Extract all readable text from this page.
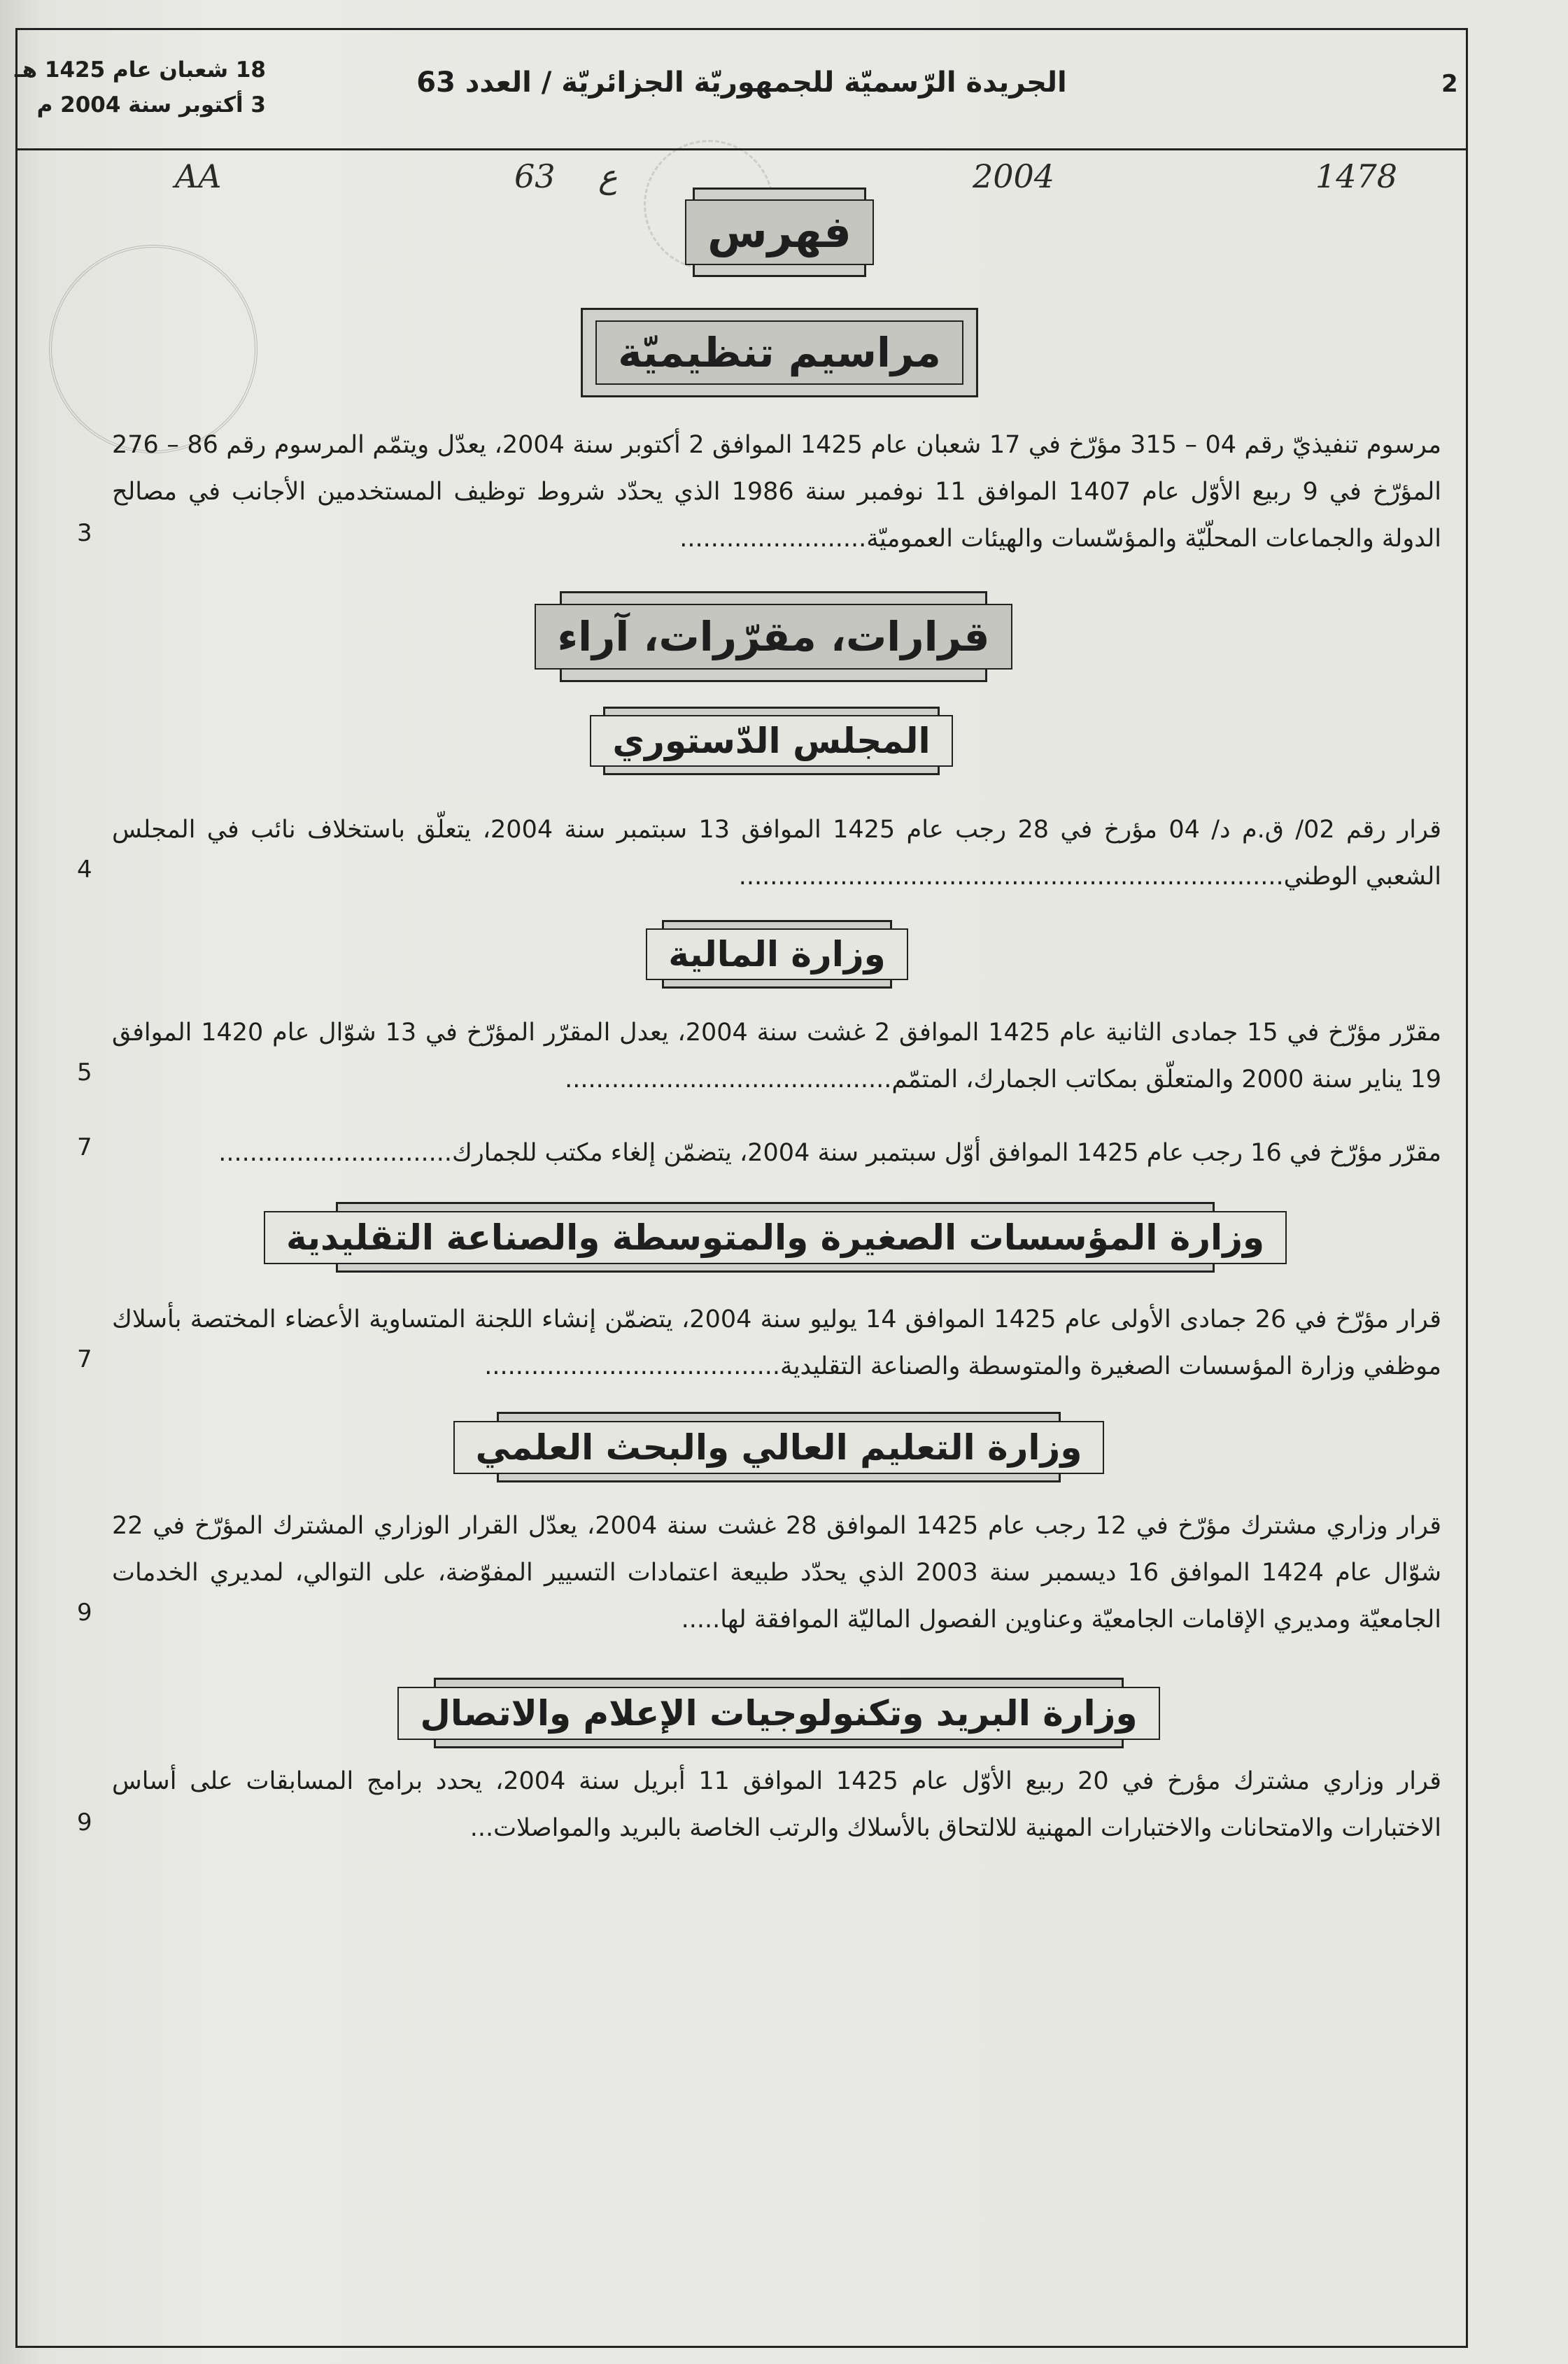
2
الجريدة الرّسميّة للجمهوريّة الجزائريّة / العدد 63
18 شعبان عام 1425 هـ
3 أكتوبر سنة 2004 م
1478
2004
ع
63
AA
فهرس
مراسيم تنظيميّة
مرسوم تنفيذيّ رقم 04 – 315 مؤرّخ في 17 شعبان عام 1425 الموافق 2 أكتوبر سنة 2004، يعدّل ويتمّم المرسوم رقم 86 – 276 المؤرّخ في 9 ربيع الأوّل عام 1407 الموافق 11 نوفمبر سنة 1986 الذي يحدّد شروط توظيف المستخدمين الأجانب في مصالح الدولة والجماعات المحلّيّة والمؤسّسات والهيئات العموميّة........................
3
قرارات، مقرّرات، آراء
المجلس الدّستوري
قرار رقم 02/ ق.م د/ 04 مؤرخ في 28 رجب عام 1425 الموافق 13 سبتمبر سنة 2004، يتعلّق باستخلاف نائب في المجلس الشعبي الوطني......................................................................
4
وزارة المالية
مقرّر مؤرّخ في 15 جمادى الثانية عام 1425 الموافق 2 غشت سنة 2004، يعدل المقرّر المؤرّخ في 13 شوّال عام 1420 الموافق 19 يناير سنة 2000 والمتعلّق بمكاتب الجمارك، المتمّم..........................................
5
مقرّر مؤرّخ في 16 رجب عام 1425 الموافق أوّل سبتمبر سنة 2004، يتضمّن إلغاء مكتب للجمارك..............................
7
وزارة المؤسسات الصغيرة والمتوسطة والصناعة التقليدية
قرار مؤرّخ في 26 جمادى الأولى عام 1425 الموافق 14 يوليو سنة 2004، يتضمّن إنشاء اللجنة المتساوية الأعضاء المختصة بأسلاك موظفي وزارة المؤسسات الصغيرة والمتوسطة والصناعة التقليدية......................................
7
وزارة التعليم العالي والبحث العلمي
قرار وزاري مشترك مؤرّخ في 12 رجب عام 1425 الموافق 28 غشت سنة 2004، يعدّل القرار الوزاري المشترك المؤرّخ في 22 شوّال عام 1424 الموافق 16 ديسمبر سنة 2003 الذي يحدّد طبيعة اعتمادات التسيير المفوّضة، على التوالي، لمديري الخدمات الجامعيّة ومديري الإقامات الجامعيّة وعناوين الفصول الماليّة الموافقة لها.....
9
وزارة البريد وتكنولوجيات الإعلام والاتصال
قرار وزاري مشترك مؤرخ في 20 ربيع الأوّل عام 1425 الموافق 11 أبريل سنة 2004، يحدد برامج المسابقات على أساس الاختبارات والامتحانات والاختبارات المهنية للالتحاق بالأسلاك والرتب الخاصة بالبريد والمواصلات...
9
